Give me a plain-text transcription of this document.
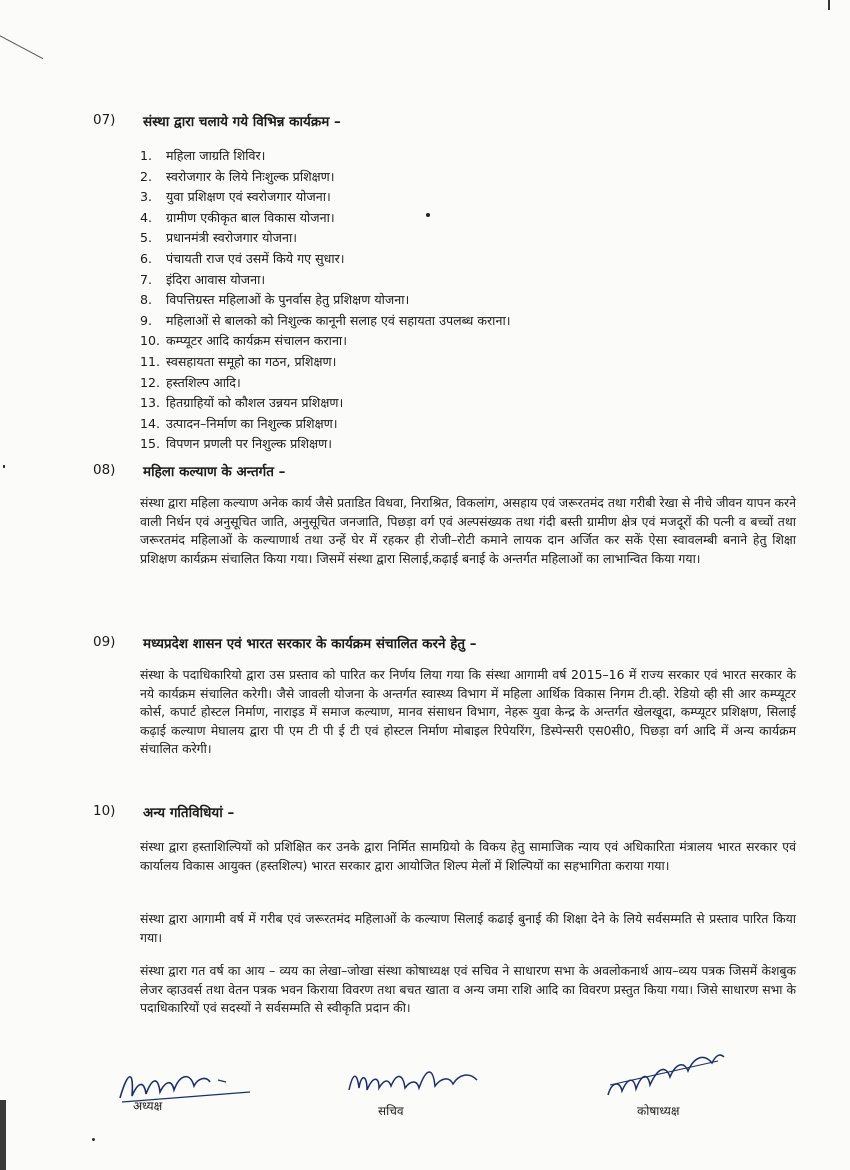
07)	संस्था द्वारा चलाये गये विभिन्न कार्यक्रम –
1. महिला जाग्रति शिविर।
2. स्वरोजगार के लिये निःशुल्क प्रशिक्षण।
3. युवा प्रशिक्षण एवं स्वरोजगार योजना।
4. ग्रामीण एकीकृत बाल विकास योजना।
5. प्रधानमंत्री स्वरोजगार योजना।
6. पंचायती राज एवं उसमें किये गए सुधार।
7. इंदिरा आवास योजना।
8. विपत्तिग्रस्त महिलाओं के पुनर्वास हेतु प्रशिक्षण योजना।
9. महिलाओं से बालको को निशुल्क कानूनी सलाह एवं सहायता उपलब्ध कराना।
10. कम्प्यूटर आदि कार्यक्रम संचालन कराना।
11. स्वसहायता समूहो का गठन, प्रशिक्षण।
12. हस्तशिल्प आदि।
13. हितग्राहियों को कौशल उन्नयन प्रशिक्षण।
14. उत्पादन–निर्माण का निशुल्क प्रशिक्षण।
15. विपणन प्रणली पर निशुल्क प्रशिक्षण।
08)	महिला कल्याण के अन्तर्गत –

संस्था द्वारा महिला कल्याण अनेक कार्य जैसे प्रताडित विधवा, निराश्रित, विकलांग, असहाय एवं जरूरतमंद तथा गरीबी रेखा से नीचे जीवन यापन करने वाली निर्धन एवं अनुसूचित जाति, अनुसूचित जनजाति, पिछड़ा वर्ग एवं अल्पसंख्यक तथा गंदी बस्ती ग्रामीण क्षेत्र एवं मजदूरों की पत्नी व बच्चों तथा जरूरतमंद महिलाओं के कल्याणार्थ तथा उन्हें घेर में रहकर ही रोजी–रोटी कमाने लायक दान अर्जित कर सकें ऐसा स्वावलम्बी बनाने हेतु शिक्षा प्रशिक्षण कार्यक्रम संचालित किया गया। जिसमें संस्था द्वारा सिलाई,कढ़ाई बनाई के अन्तर्गत महिलाओं का लाभान्वित किया गया।

09)	मध्यप्रदेश शासन एवं भारत सरकार के कार्यक्रम संचालित करने हेतु –

संस्था के पदाधिकारियो द्वारा उस प्रस्ताव को पारित कर निर्णय लिया गया कि संस्था आगामी वर्ष 2015–16 में राज्य सरकार एवं भारत सरकार के नये कार्यक्रम संचालित करेगी। जैसे जावली योजना के अन्तर्गत स्वास्थ्य विभाग में महिला आर्थिक विकास निगम टी.व्ही. रेडियो व्ही सी आर कम्प्यूटर कोर्स, कपार्ट होस्टल निर्माण, नाराइड में समाज कल्याण, मानव संसाधन विभाग, नेहरू युवा केन्द्र के अन्तर्गत खेलखूदा, कम्प्यूटर प्रशिक्षण, सिलाई कढ़ाई कल्याण मेघालय द्वारा पी एम टी पी ई टी एवं होस्टल निर्माण मोबाइल रिपेयरिंग, डिस्पेन्सरी एस0सी0, पिछड़ा वर्ग आदि में अन्य कार्यक्रम संचालित करेगी।

10)	अन्य गतिविधियां –

संस्था द्वारा हस्ताशिल्पियों को प्रशिक्षित कर उनके द्वारा निर्मित सामग्रियो के विकय हेतु सामाजिक न्याय एवं अधिकारिता मंत्रालय भारत सरकार एवं कार्यालय विकास आयुक्त (हस्तशिल्प) भारत सरकार द्वारा आयोजित शिल्प मेलों में शिल्पियों का सहभागिता कराया गया।

संस्था द्वारा आगामी वर्ष में गरीब एवं जरूरतमंद महिलाओं के कल्याण सिलाई कढाई बुनाई की शिक्षा देने के लिये सर्वसम्मति से प्रस्ताव पारित किया गया।

संस्था द्वारा गत वर्ष का आय – व्यय का लेखा–जोखा संस्था कोषाध्यक्ष एवं सचिव ने साधारण सभा के अवलोकनार्थ आय–व्यय पत्रक जिसमें केशबुक लेजर व्हाउवर्स तथा वेतन पत्रक भवन किराया विवरण तथा बचत खाता व अन्य जमा राशि आदि का विवरण प्रस्तुत किया गया। जिसे साधारण सभा के पदाधिकारियों एवं सदस्यों ने सर्वसम्मति से स्वीकृति प्रदान की।

अध्यक्ष	सचिव	कोषाध्यक्ष
